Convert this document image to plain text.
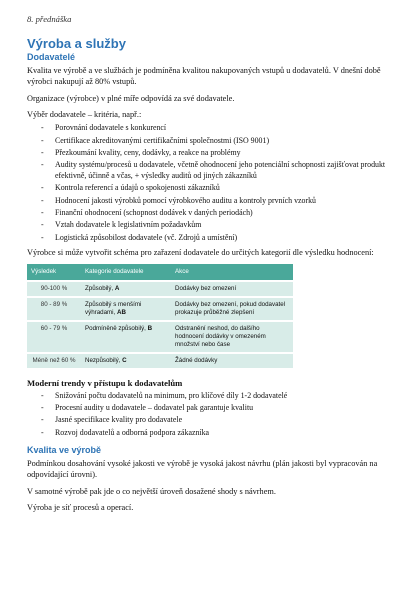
8. přednáška
Výroba a služby
Dodavatelé

Kvalita ve výrobě a ve službách je podmíněna kvalitou nakupovaných vstupů u dodavatelů. V dnešní době výrobci nakupují až 80% vstupů.

Organizace (výrobce) v plné míře odpovídá za své dodavatele.

Výběr dodavatele – kritéria, např.:

- Porovnání dodavatele s konkurencí
- Certifikace akreditovanými certifikačními společnostmi (ISO 9001)
- Přezkoumání kvality, ceny, dodávky, a reakce na problémy
- Audity systému/procesů u dodavatele, včetně ohodnocení jeho potenciální schopnosti zajišťovat produkt efektivně, účinně a včas, + výsledky auditů od jiných zákazníků
- Kontrola referencí a údajů o spokojenosti zákazníků
- Hodnocení jakosti výrobků pomocí výrobkového auditu a kontroly prvních vzorků
- Finanční ohodnocení (schopnost dodávek v daných periodách)
- Vztah dodavatele k legislativním požadavkům
- Logistická způsobilost dodavatele (vč. Zdrojů a umístění)

Výrobce si může vytvořit schéma pro zařazení dodavatele do určitých kategorií dle výsledku hodnocení:

Výsledek	Kategorie dodavatele	Akce
90-100 %	Způsobilý, A	Dodávky bez omezení
80 - 89 %	Způsobilý s menšími výhradami, AB	Dodávky bez omezení, pokud dodavatel prokazuje průběžné zlepšení
60 - 79 %	Podmíněně způsobilý, B	Odstranění neshod, do dalšího hodnocení dodávky v omezeném množství nebo čase
Méně než 60 %	Nezpůsobilý, C	Žádné dodávky
Moderní trendy v přístupu k dodavatelům
- Snižování počtu dodavatelů na minimum, pro klíčové díly 1-2 dodavatelé
- Procesní audity u dodavatele – dodavatel pak garantuje kvalitu
- Jasné specifikace kvality pro dodavatele
- Rozvoj dodavatelů a odborná podpora zákazníka
Kvalita ve výrobě

Podmínkou dosahování vysoké jakosti ve výrobě je vysoká jakost návrhu (plán jakosti byl vypracován na odpovídající úrovni).

V samotné výrobě pak jde o co největší úroveň dosažené shody s návrhem.

Výroba je síť procesů a operací.
